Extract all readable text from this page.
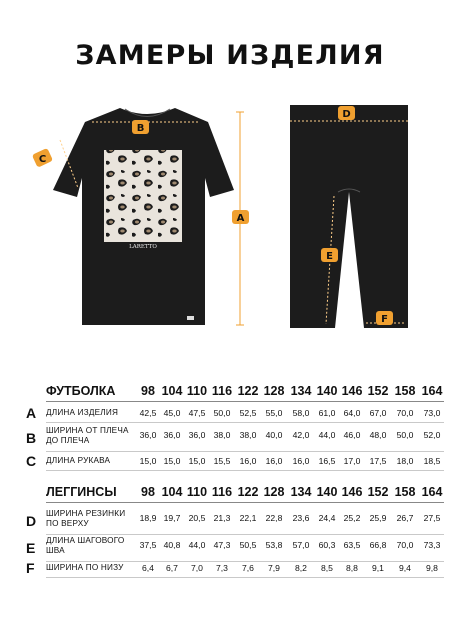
ЗАМЕРЫ ИЗДЕЛИЯ
LARETTO
B
C
A
D
E
F
ФУТБОЛКА	98 104 110 116 122 128 134 140 146 152 158 164
A ДЛИНА ИЗДЕЛИЯ	42,5 45,0 47,5 50,0	52,5	55,0	58,0	61,0 64,0	67,0	70,0	73,0
B ШИРИНА ОТ ПЛЕЧА
ДО ПЛЕЧА
36,0 36,0 36,0 38,0	38,0	40,0	42,0	44,0 46,0	48,0	50,0	52,0
C ДЛИНА РУКАВА	15,0 15,0 15,0 15,5	16,0	16,0	16,0	16,5 17,0	17,5	18,0	18,5
ЛЕГГИНСЫ	98 104 110 116 122 128 134 140 146 152 158 164
D ШИРИНА РЕЗИНКИ
ПО ВЕРХУ
18,9 19,7 20,5 21,3	22,1	22,8	23,6	24,4 25,2	25,9	26,7	27,5
E ДЛИНА ШАГОВОГО
ШВА
37,5 40,8 44,0 47,3	50,5	53,8	57,0	60,3 63,5	66,8	70,0	73,3
F ШИРИНА ПО НИЗУ	6,4	6,7	7,0	7,3	7,6	7,9	8,2	8,5	8,8	9,1	9,4	9,8
